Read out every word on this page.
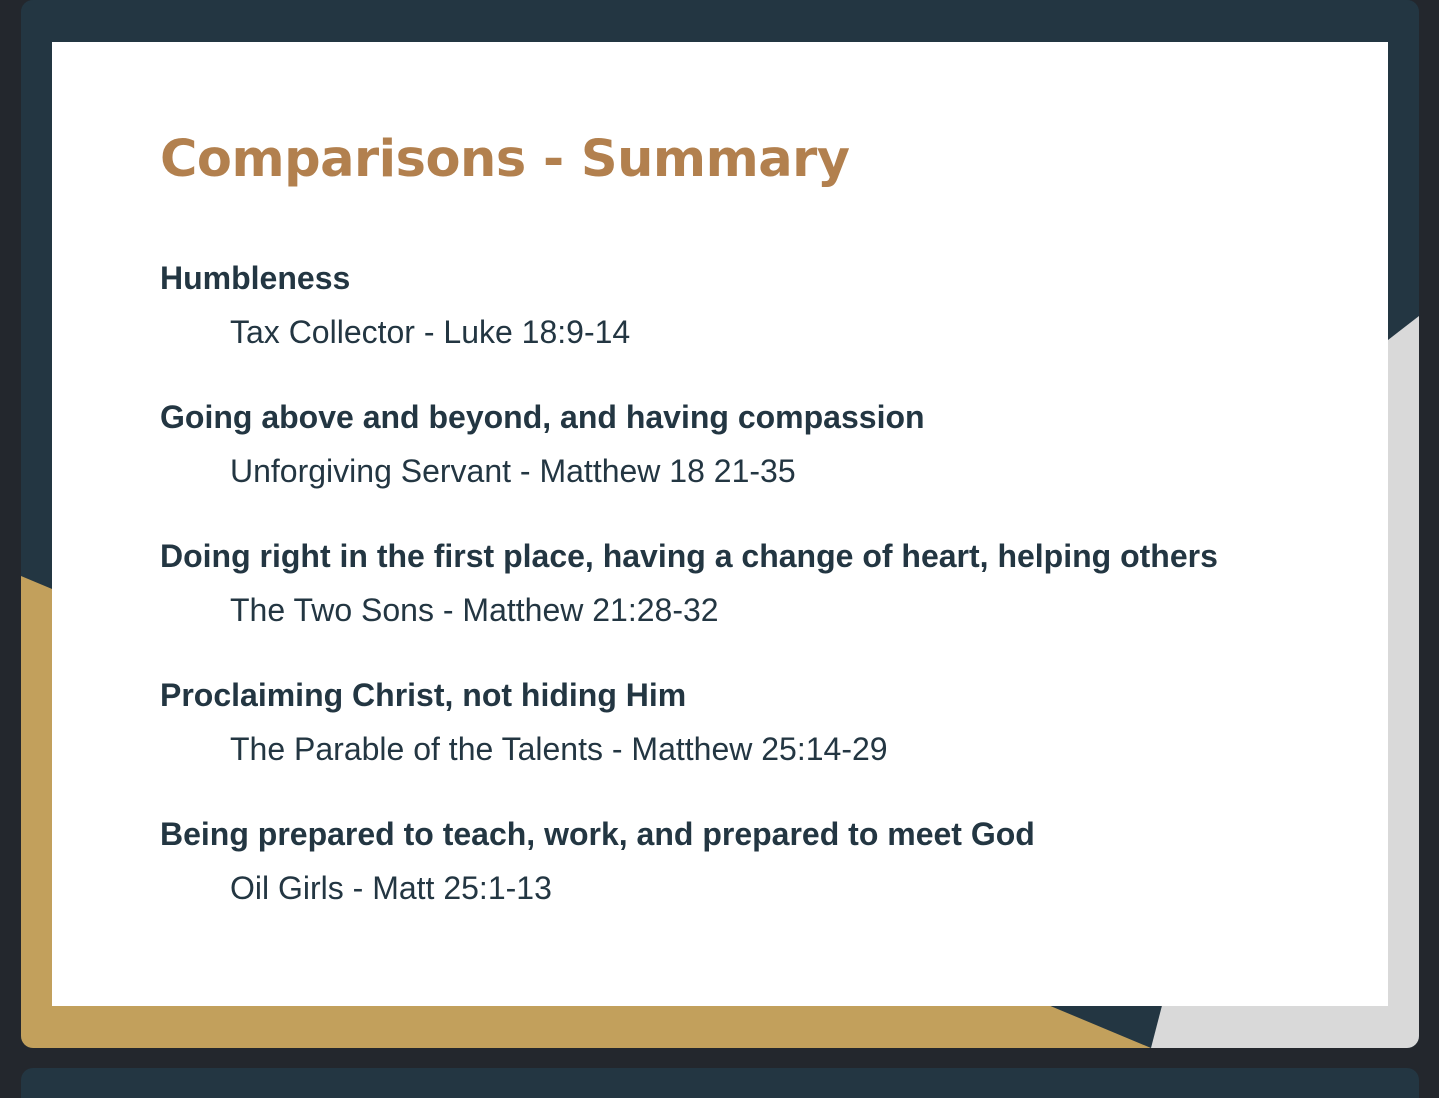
Comparisons - Summary
Humbleness
Tax Collector - Luke 18:9-14
Going above and beyond, and having compassion
Unforgiving Servant - Matthew 18 21-35
Doing right in the first place, having a change of heart, helping others
The Two Sons - Matthew 21:28-32
Proclaiming Christ, not hiding Him
The Parable of the Talents - Matthew 25:14-29
Being prepared to teach, work, and prepared to meet God
Oil Girls - Matt 25:1-13
